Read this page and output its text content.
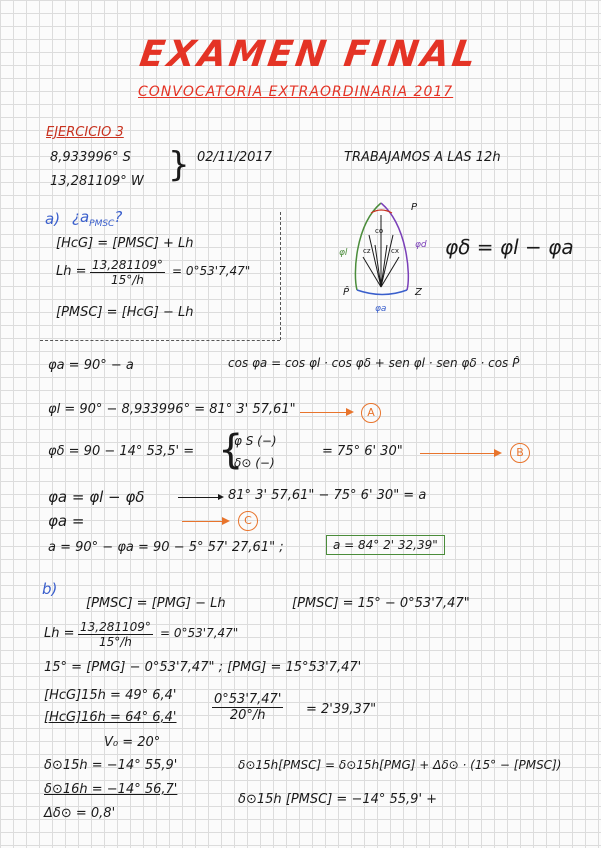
EXAMEN FINAL
CONVOCATORIA EXTRAORDINARIA 2017
EJERCICIO 3
8,933996° S
13,281109° W } 02/11/2017	TRABAJAMOS A LAS 12h
a) ¿$a_{PMSC}$?
[HcG] = [PMSC] + Lh
$Lh = \frac{13,281109^\circ}{15^\circ/h} = 0^\circ 53'7,47$"
[PMSC] = [HcG] − Lh
co
cz	cx
P
φl
φd
φa
P̂	Z
φδ = φl − φa
φa = 90° − a	cos φa = cos φl · cos φδ + sen φl · sen φδ · cos P̂
φl = 90° − 8,933996° = 81° 3' 57,61"	A
φδ = 90 − 14° 53,5' = {
φ S (−)
δ⊙ (−)
= 75° 6' 30"	B
φa = φl − φδ	81° 3' 57,61" − 75° 6' 30" = a
φa =	C
a = 90° − φa = 90 − 5° 57' 27,61" ;	a = 84° 2' 32,39"
b)
[PMSC] = [PMG] − Lh	[PMSC] = 15° − 0°53'7,47"
$Lh = \frac{13,281109^\circ}{15^\circ/h} = 0^\circ 53'7,47$"
15° = [PMG] − 0°53'7,47" ; [PMG] = 15°53'7,47'
[HcG]15h = 49° 6,4'
[HcG]16h = 64° 6,4'
V₀ = 20°
$\frac{0^\circ 53'7,47'}{20^\circ/h} = 2'39,37$"
δ⊙15h = −14° 55,9'
δ⊙16h = −14° 56,7'
Δδ⊙ = 0,8'
δ⊙15h[PMSC] = δ⊙15h[PMG] + Δδ⊙ · (15° − [PMSC])
δ⊙15h [PMSC] = −14° 55,9' +
